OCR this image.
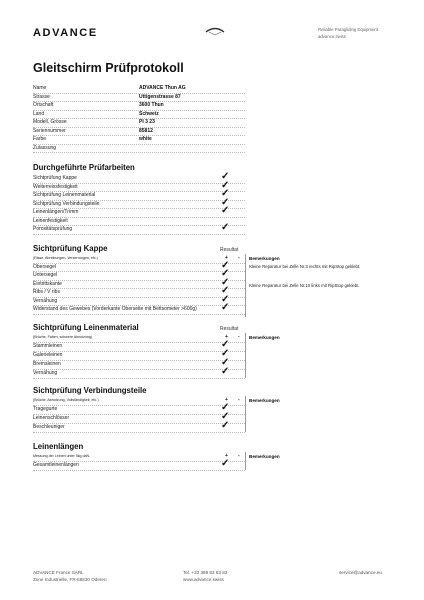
ADVANCE	Reliable Paragliding Equipment
advance.swiss
Gleitschirm Prüfprotokoll
Name	ADVANCE Thun AG
Strasse	Uttigenstrasse 87
Ortschaft	3600 Thun
Land	Schweiz
Modell, Grösse	PI 3 23
Seriennummer	85812
Farbe	white
Zulassung
Durchgeführte Prüfarbeiten
Sichtprüfung Kappe	✓
Weiterreissfestigkeit	✓
Sichtprüfung Leinenmaterial	✓
Sichtprüfung Verbindungsteile	✓
Leinenlängen/Trimm	✓
Leinenfestigkeit
Porositätsprüfung	✓
Sichtprüfung Kappe	Resultat
(Risse, Abreibungen, Verzerrungen, etc.)	+ - Bemerkungen
Obersegel	✓	Kleine Reparatur bei Zelle Nr.3 rechts mit RipStop geklebt.
Untersegel	✓
Eintrittskante	✓	Kleine Reparatur bei Zelle Nr.10 links mit RipStop geklebt.
Ribs / V ribs	✓
Vernähung	✓
Widerstand des Gewebes (Vorderkante Oberseite mit Bettsometer >600g) ✓
Sichtprüfung Leinenmaterial	Resultat
(Brüche, Falten, schwere Abnutzung)	+ - Bemerkungen
Stammleinen	✓
Galerieleinen	✓
Bremsleinen	✓
Vernähung	✓
Sichtprüfung Verbindungsteile
(Brüche, Abnutzung, Vollständigkeit, etc.)	+ - Bemerkungen
Tragegurte	✓
Leinenschlösser	✓
Beschleuniger	✓
Leinenlängen
Messung der Leinen unter 5kg daN.	+ - Bemerkungen
Gesamtleinenlängen	✓
ADVANCE France SARL
Zone Industrielle, FR-68830 Oderen
Tel. +33 389 82 63 83
www.advance.swiss
service@advance.eu
